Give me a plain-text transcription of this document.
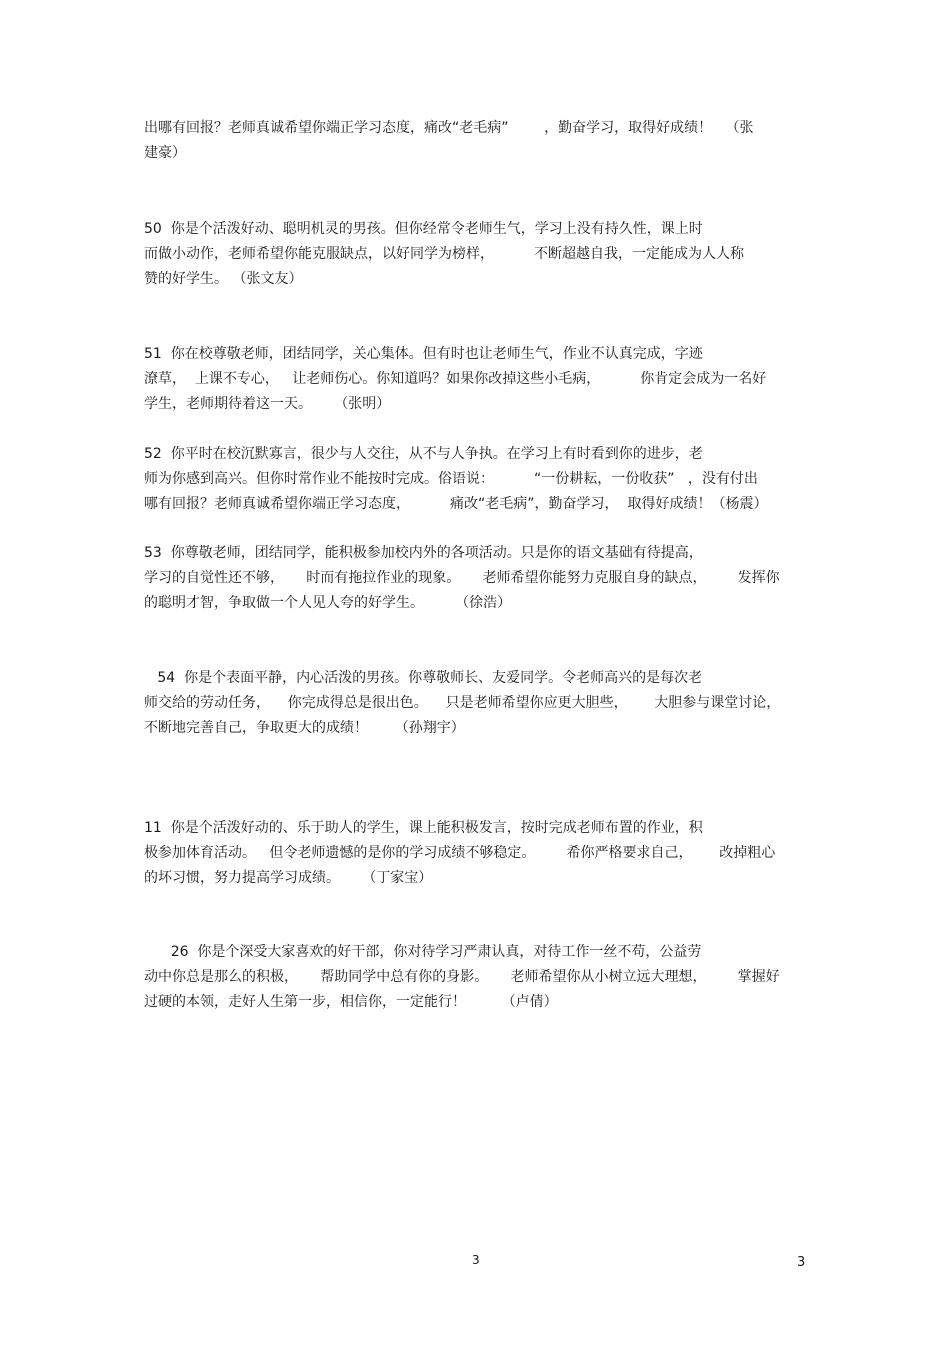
出哪有回报？老师真诚希望你端正学习态度，痛改“老毛病”        ，勤奋学习，取得好成绩！   （张
建豪）
50  你是个活泼好动、聪明机灵的男孩。但你经常令老师生气，学习上没有持久性，课上时
而做小动作，老师希望你能克服缺点，以好同学为榜样，         不断超越自我，一定能成为人人称
赞的好学生。 （张文友）
51  你在校尊敬老师，团结同学，关心集体。但有时也让老师生气，作业不认真完成，字迹
潦草，  上课不专心，   让老师伤心。你知道吗？如果你改掉这些小毛病，         你肯定会成为一名好
学生，老师期待着这一天。     （张明）
52  你平时在校沉默寡言，很少与人交往，从不与人争执。在学习上有时看到你的进步，老
师为你感到高兴。但你时常作业不能按时完成。俗语说：         “一份耕耘，一份收获”   ，没有付出
哪有回报？老师真诚希望你端正学习态度，         痛改“老毛病”，勤奋学习，  取得好成绩！（杨震）
53  你尊敬老师，团结同学，能积极参加校内外的各项活动。只是你的语文基础有待提高，
学习的自觉性还不够，     时而有拖拉作业的现象。     老师希望你能努力克服自身的缺点，       发挥你
的聪明才智，争取做一个人见人夸的好学生。       （徐浩）
54  你是个表面平静，内心活泼的男孩。你尊敬师长、友爱同学。令老师高兴的是每次老
师交给的劳动任务，    你完成得总是很出色。    只是老师希望你应更大胆些，      大胆参与课堂讨论，
不断地完善自己，争取更大的成绩！      （孙翔宇）
11  你是个活泼好动的、乐于助人的学生，课上能积极发言，按时完成老师布置的作业，积
极参加体育活动。   但令老师遗憾的是你的学习成绩不够稳定。       希你严格要求自己，      改掉粗心
的坏习惯，努力提高学习成绩。     （丁家宝）
26  你是个深受大家喜欢的好干部，你对待学习严肃认真，对待工作一丝不苟，公益劳
动中你总是那么的积极，     帮助同学中总有你的身影。     老师希望你从小树立远大理想，       掌握好
过硬的本领，走好人生第一步，相信你，一定能行！        （卢倩）
3	3
